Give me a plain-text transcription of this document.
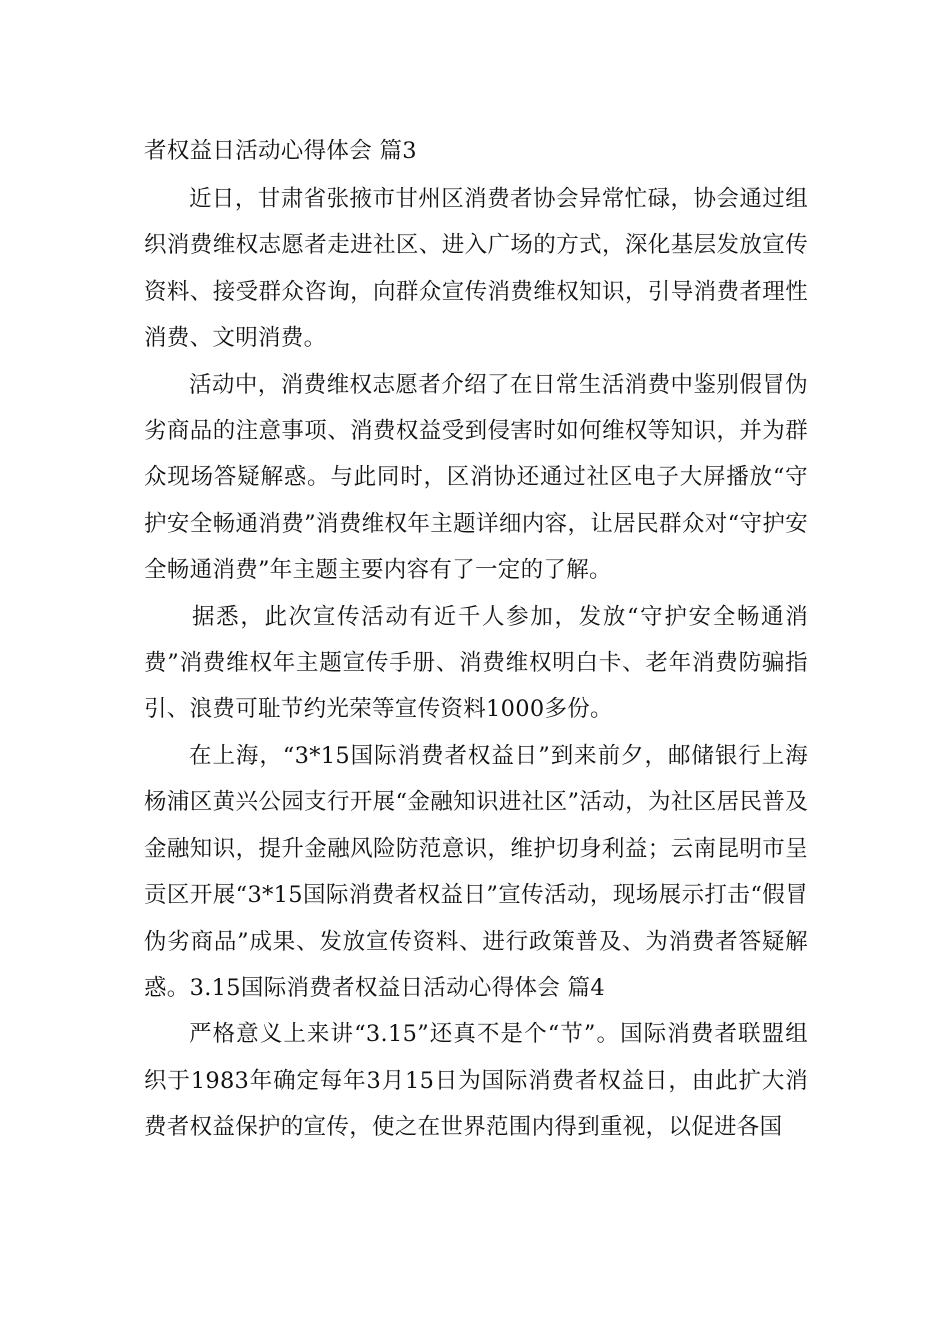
者权益日活动心得体会 篇3

近日，甘肃省张掖市甘州区消费者协会异常忙碌，协会通过组织消费维权志愿者走进社区、进入广场的方式，深化基层发放宣传资料、接受群众咨询，向群众宣传消费维权知识，引导消费者理性消费、文明消费。

活动中，消费维权志愿者介绍了在日常生活消费中鉴别假冒伪劣商品的注意事项、消费权益受到侵害时如何维权等知识，并为群众现场答疑解惑。与此同时，区消协还通过社区电子大屏播放“守护安全畅通消费”消费维权年主题详细内容，让居民群众对“守护安全畅通消费”年主题主要内容有了一定的了解。

据悉，此次宣传活动有近千人参加，发放“守护安全畅通消费”消费维权年主题宣传手册、消费维权明白卡、老年消费防骗指引、浪费可耻节约光荣等宣传资料1000多份。

在上海，“3*15国际消费者权益日”到来前夕，邮储银行上海杨浦区黄兴公园支行开展“金融知识进社区”活动，为社区居民普及金融知识，提升金融风险防范意识，维护切身利益；云南昆明市呈贡区开展“3*15国际消费者权益日”宣传活动，现场展示打击“假冒伪劣商品”成果、发放宣传资料、进行政策普及、为消费者答疑解惑。3.15国际消费者权益日活动心得体会 篇4

严格意义上来讲“3.15”还真不是个“节”。国际消费者联盟组织于1983年确定每年3月15日为国际消费者权益日，由此扩大消费者权益保护的宣传，使之在世界范围内得到重视，以促进各国
